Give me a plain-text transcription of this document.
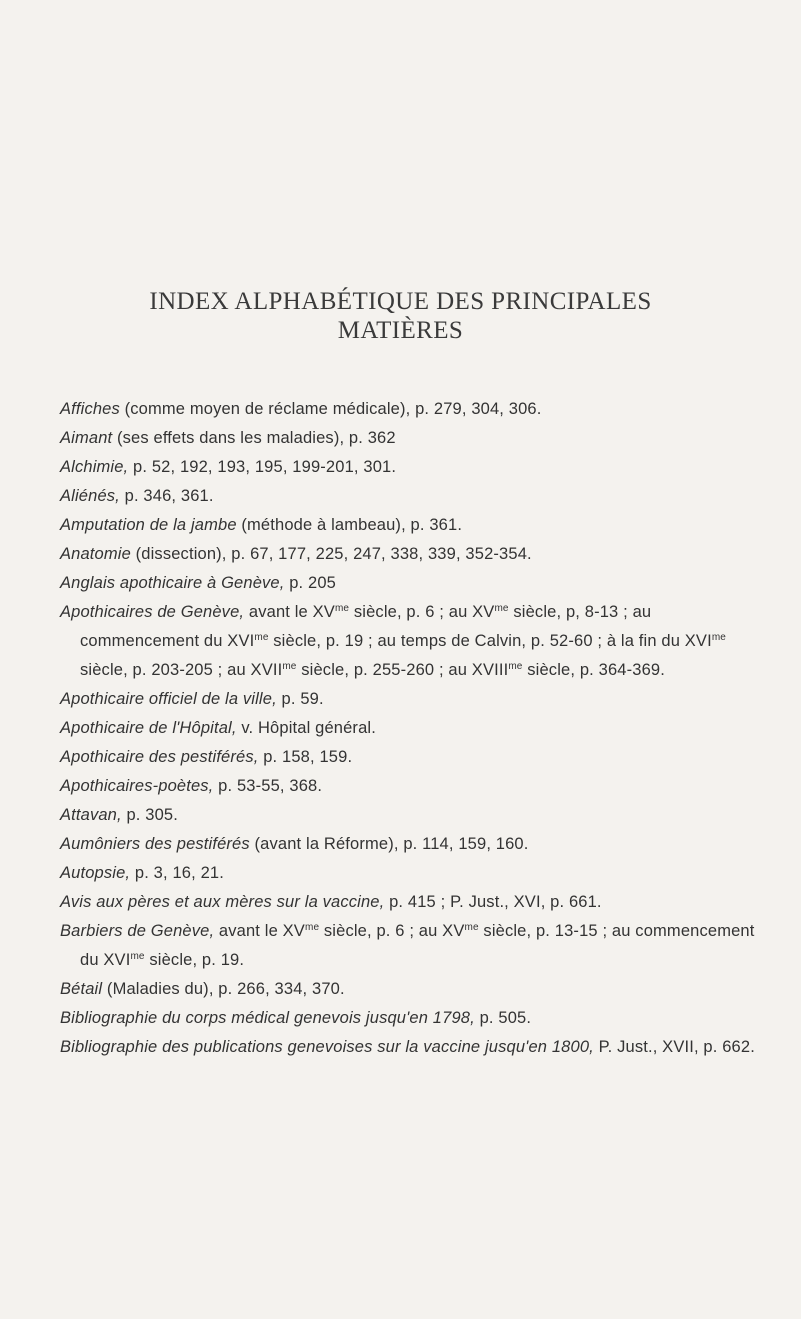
INDEX ALPHABÉTIQUE DES PRINCIPALES
MATIÈRES

Affiches (comme moyen de réclame médicale), p. 279, 304, 306.

Aimant (ses effets dans les maladies), p. 362

Alchimie, p. 52, 192, 193, 195, 199-201, 301.

Aliénés, p. 346, 361.

Amputation de la jambe (méthode à lambeau), p. 361.

Anatomie (dissection), p. 67, 177, 225, 247, 338, 339, 352-354.

Anglais apothicaire à Genève, p. 205

Apothicaires de Genève, avant le $XV^{me}$ siècle, p. 6 ; au $XV^{me}$ siècle, p, 8-13 ; au commencement du $XVI^{me}$ siècle, p. 19 ; au temps de Calvin, p. 52-60 ; à la fin du $XVI^{me}$ siècle, p. 203-205 ; au $XVII^{me}$ siècle, p. 255-260 ; au $XVIII^{me}$ siècle, p. 364-369.

Apothicaire officiel de la ville, p. 59.

Apothicaire de l'Hôpital, v. Hôpital général.

Apothicaire des pestiférés, p. 158, 159.

Apothicaires-poètes, p. 53-55, 368.

Attavan, p. 305.

Aumôniers des pestiférés (avant la Réforme), p. 114, 159, 160.

Autopsie, p. 3, 16, 21.

Avis aux pères et aux mères sur la vaccine, p. 415 ; P. Just., XVI, p. 661.

Barbiers de Genève, avant le $XV^{me}$ siècle, p. 6 ; au $XV^{me}$ siècle, p. 13-15 ; au commencement du $XVI^{me}$ siècle, p. 19.

Bétail (Maladies du), p. 266, 334, 370.

Bibliographie du corps médical genevois jusqu'en 1798, p. 505.

Bibliographie des publications genevoises sur la vaccine jusqu'en 1800, P. Just., XVII, p. 662.
